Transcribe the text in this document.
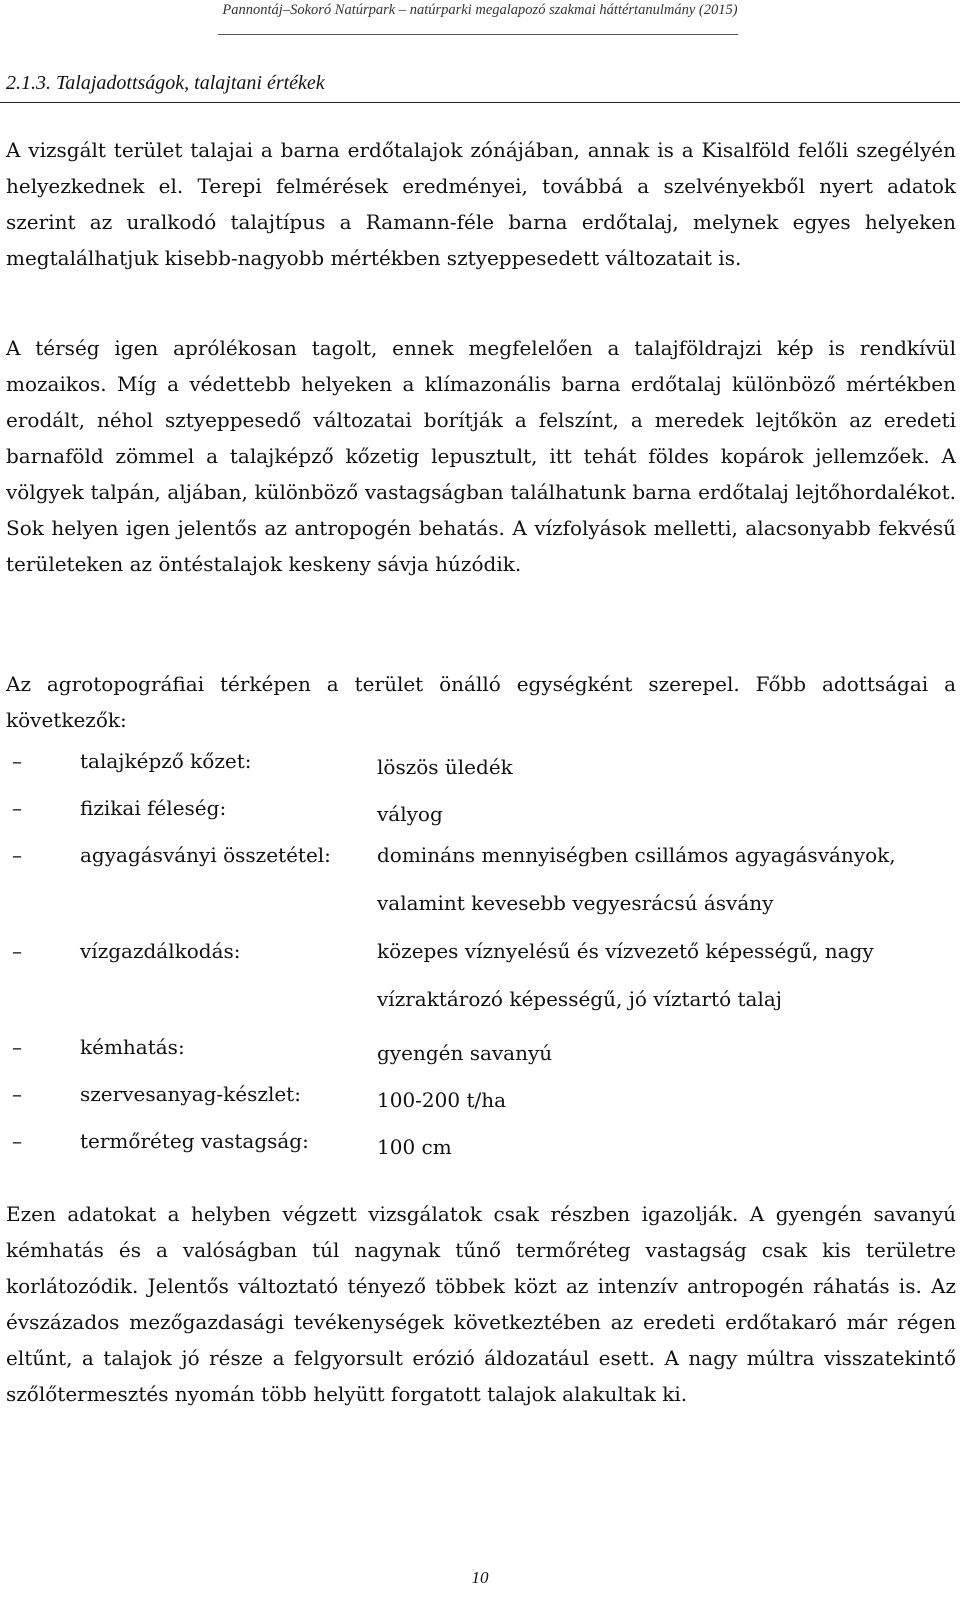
Pannontáj–Sokoró Natúrpark – natúrparki megalapozó szakmai háttértanulmány (2015)
2.1.3. Talajadottságok, talajtani értékek

A vizsgált terület talajai a barna erdőtalajok zónájában, annak is a Kisalföld felőli szegélyén helyezkednek el. Terepi felmérések eredményei, továbbá a szelvényekből nyert adatok szerint az uralkodó talajtípus a Ramann-féle barna erdőtalaj, melynek egyes helyeken megtalálhatjuk kisebb-nagyobb mértékben sztyeppesedett változatait is.

A térség igen aprólékosan tagolt, ennek megfelelően a talajföldrajzi kép is rendkívül mozaikos. Míg a védettebb helyeken a klímazonális barna erdőtalaj különböző mértékben erodált, néhol sztyeppesedő változatai borítják a felszínt, a meredek lejtőkön az eredeti barnaföld zömmel a talajképző kőzetig lepusztult, itt tehát földes kopárok jellemzőek. A völgyek talpán, aljában, különböző vastagságban találhatunk barna erdőtalaj lejtőhordalékot. Sok helyen igen jelentős az antropogén behatás. A vízfolyások melletti, alacsonyabb fekvésű területeken az öntéstalajok keskeny sávja húzódik.

Az agrotopográfiai térképen a terület önálló egységként szerepel. Főbb adottságai a következők:

–	talajképző kőzet:	löszös üledék
–	fizikai féleség:	vályog
–	agyagásványi összetétel: domináns mennyiségben csillámos agyagásványok, valamint kevesebb vegyesrácsú ásvány
–	vízgazdálkodás:	közepes víznyelésű és vízvezető képességű, nagy vízraktározó képességű, jó víztartó talaj
–	kémhatás:	gyengén savanyú
–	szervesanyag-készlet:	100-200 t/ha
–	termőréteg vastagság:	100 cm

Ezen adatokat a helyben végzett vizsgálatok csak részben igazolják. A gyengén savanyú kémhatás és a valóságban túl nagynak tűnő termőréteg vastagság csak kis területre korlátozódik. Jelentős változtató tényező többek közt az intenzív antropogén ráhatás is. Az évszázados mezőgazdasági tevékenységek következtében az eredeti erdőtakaró már régen eltűnt, a talajok jó része a felgyorsult erózió áldozatául esett. A nagy múltra visszatekintő szőlőtermesztés nyomán több helyütt forgatott talajok alakultak ki.

10
